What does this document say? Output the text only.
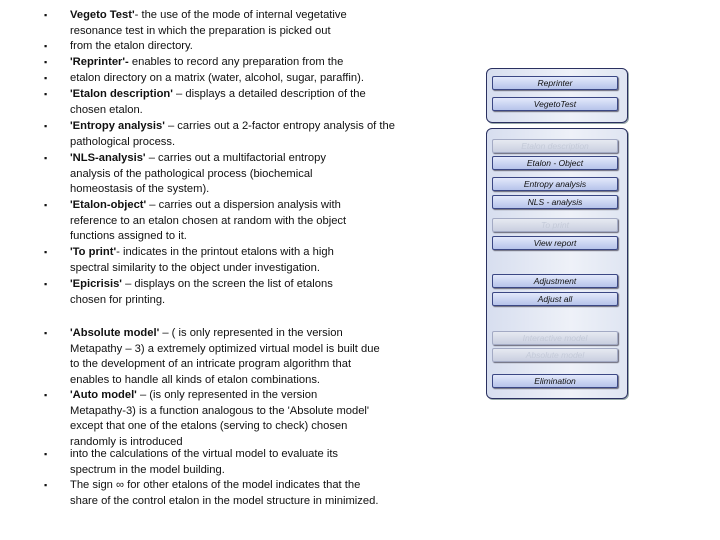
▪ Vegeto Test'- the use of the mode of internal vegetative resonance test in which the preparation is picked out
▪ from the etalon directory.
▪ 'Reprinter'- enables to record any preparation from the
▪ etalon directory on a matrix (water, alcohol, sugar, paraffin).
▪ 'Etalon description' – displays a detailed description of the chosen etalon.
▪ 'Entropy analysis' – carries out a 2-factor entropy analysis of the pathological process.
▪ 'NLS-analysis' – carries out a multifactorial entropy analysis of the pathological process (biochemical homeostasis of the system).
▪ 'Etalon-object' – carries out a dispersion analysis with reference to an etalon chosen at random with the object functions assigned to it.
▪ 'To print'- indicates in the printout etalons with a high spectral similarity to the object under investigation.
▪ 'Epicrisis' – displays on the screen the list of etalons chosen for printing.
▪ 'Absolute model' – ( is only represented in the version Metapathy – 3) a extremely optimized virtual model is built due to the development of an intricate program algorithm that enables to handle all kinds of etalon combinations.
▪ 'Auto model' – (is only represented in the version Metapathy-3) is a function analogous to the 'Absolute model' except that one of the etalons (serving to check) chosen randomly is introduced
▪ into the calculations of the virtual model to evaluate its spectrum in the model building.
▪ The sign ∞ for other etalons of the model indicates that the share of the control etalon in the model structure in minimized.
Reprinter
VegetoTest
Etalon description
Etalon - Object
Entropy analysis
NLS - analysis
To print
View report
Adjustment
Adjust all
Interactive model
Absolute model
Elimination
